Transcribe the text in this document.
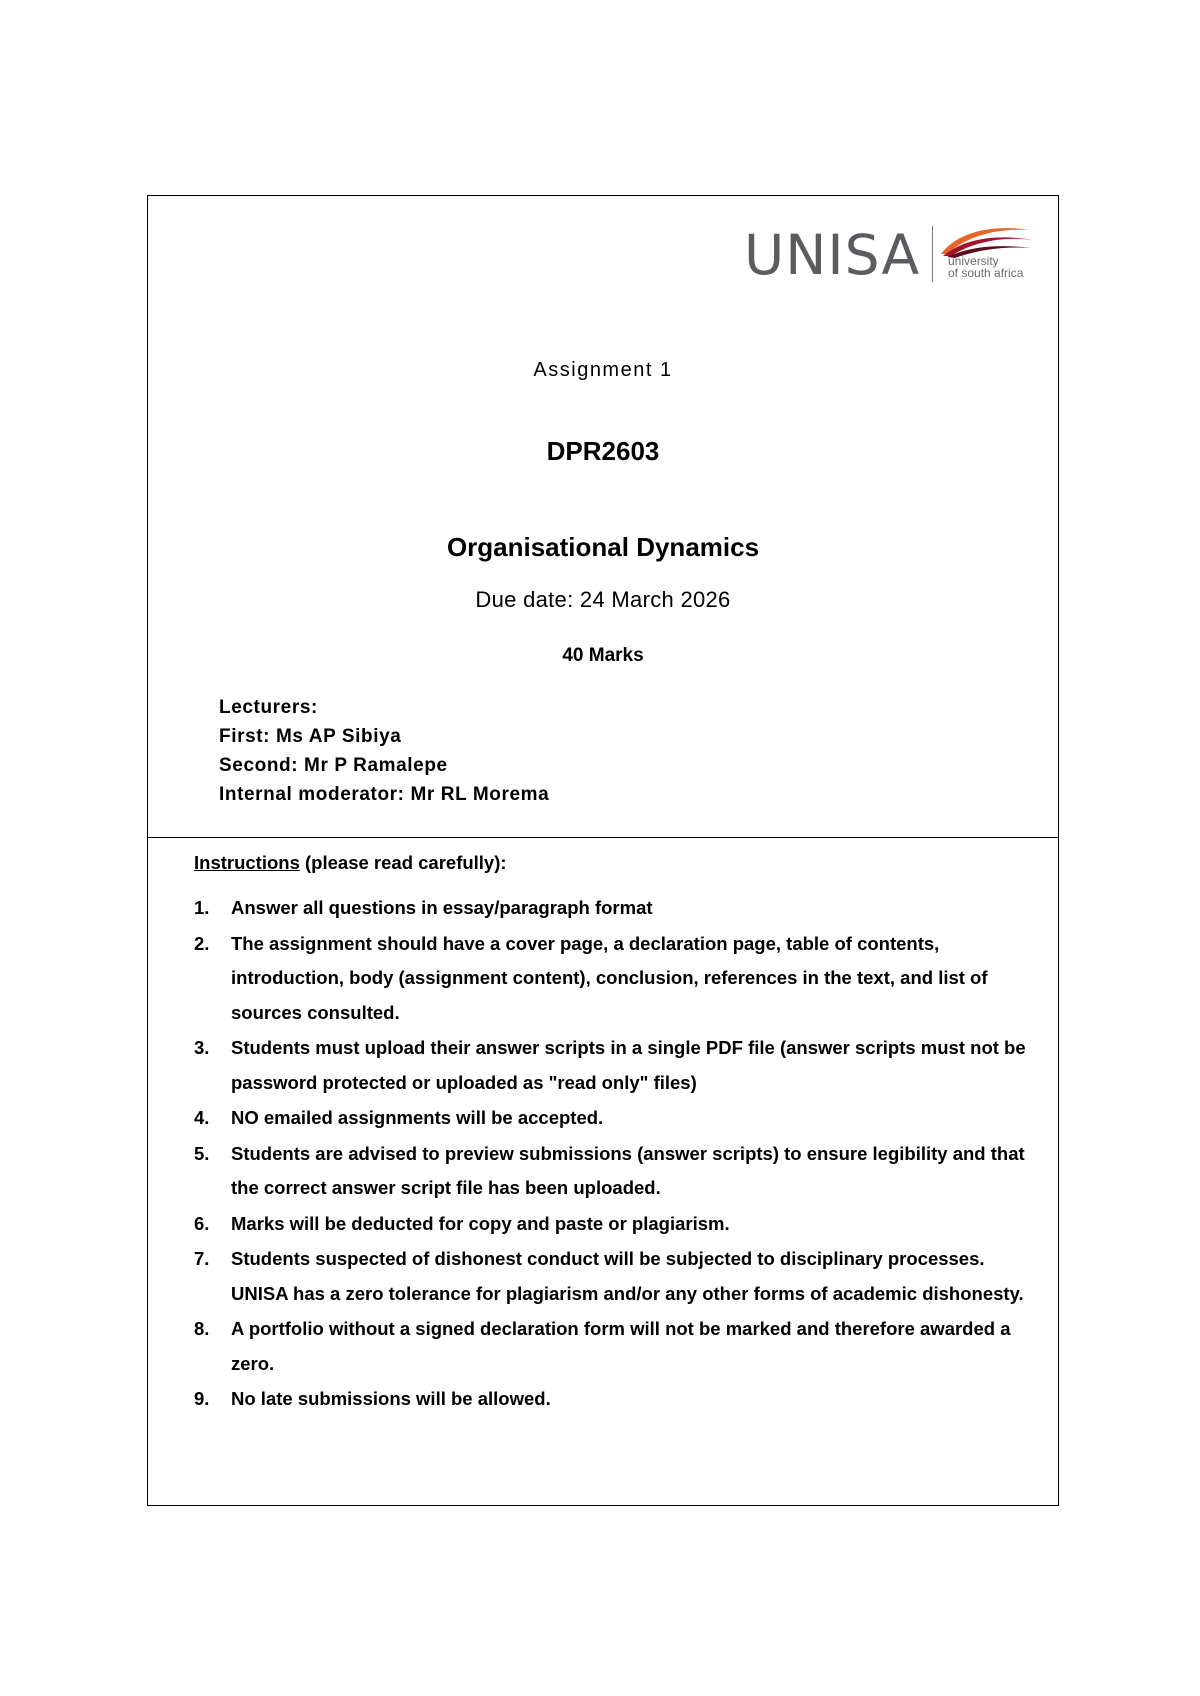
UNISA university
of south africa
Assignment 1
DPR2603
Organisational Dynamics
Due date: 24 March 2026
40 Marks
Lecturers:
First: Ms AP Sibiya
Second: Mr P Ramalepe
Internal moderator: Mr RL Morema
Instructions (please read carefully):
1. Answer all questions in essay/paragraph format
2. The assignment should have a cover page, a declaration page, table of contents, introduction, body (assignment content), conclusion, references in the text, and list of sources consulted.
3. Students must upload their answer scripts in a single PDF file (answer scripts must not be password protected or uploaded as "read only" files)
4. NO emailed assignments will be accepted.
5. Students are advised to preview submissions (answer scripts) to ensure legibility and that the correct answer script file has been uploaded.
6. Marks will be deducted for copy and paste or plagiarism.
7. Students suspected of dishonest conduct will be subjected to disciplinary processes. UNISA has a zero tolerance for plagiarism and/or any other forms of academic dishonesty.
8. A portfolio without a signed declaration form will not be marked and therefore awarded a zero.
9. No late submissions will be allowed.
